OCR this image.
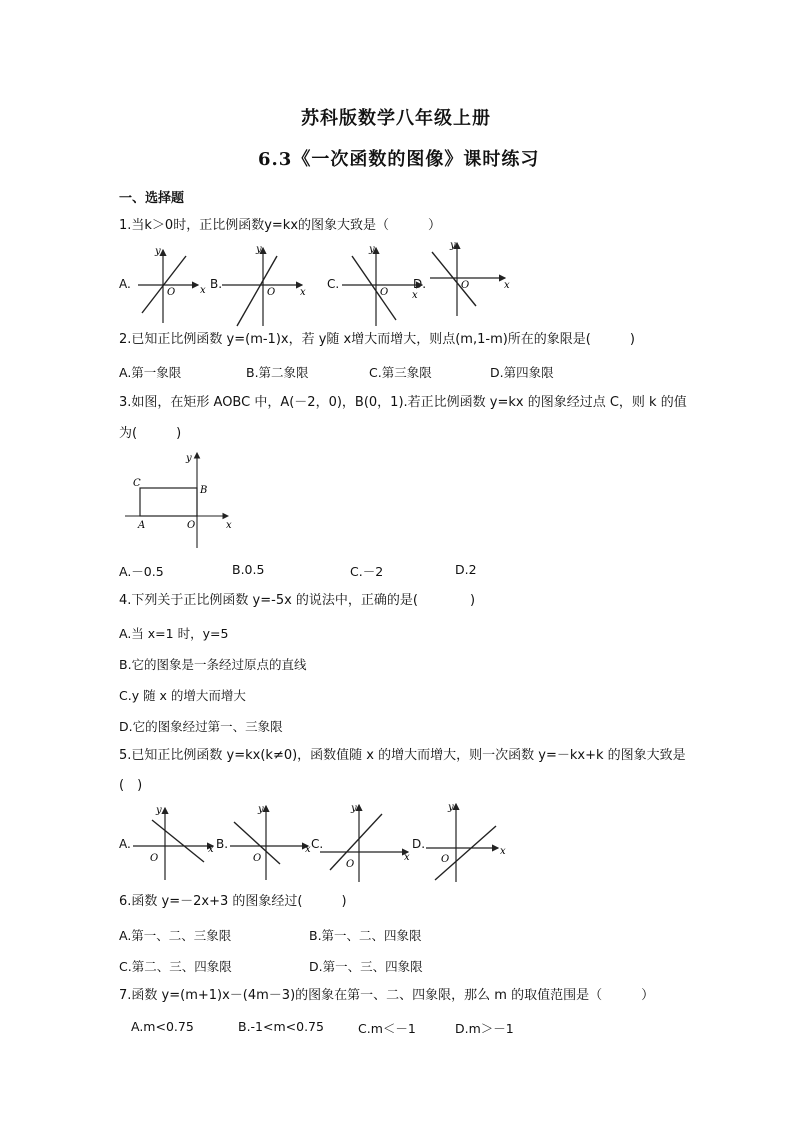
苏科版数学八年级上册
6.3《一次函数的图像》课时练习
一、选择题
1.当k＞0时，正比例函数y=kx的图象大致是（　　　）
A.	B.	C.	D.
y
x
O
y
x
O
y
x
O
y
x
O
2.已知正比例函数 y=(m-1)x，若 y随 x增大而增大，则点(m,1-m)所在的象限是(　　　)
A.第一象限	B.第二象限	C.第三象限	D.第四象限
3.如图，在矩形 AOBC 中，A(－2，0)，B(0，1).若正比例函数 y=kx 的图象经过点 C，则 k 的值
为(　　　)
C
B
A	O	x
y
A.－0.5	B.0.5	C.－2	D.2
4.下列关于正比例函数 y=-5x 的说法中，正确的是(　　　　)
A.当 x=1 时，y=5
B.它的图象是一条经过原点的直线
C.y 随 x 的增大而增大
D.它的图象经过第一、三象限
5.已知正比例函数 y=kx(k≠0)，函数值随 x 的增大而增大，则一次函数 y=－kx+k 的图象大致是
(　)
A.	B.	C.	D.
y
x
O
y
x
O
y
x
O
y
x
O
6.函数 y=－2x+3 的图象经过(　　　)
A.第一、二、三象限	B.第一、二、四象限
C.第二、三、四象限	D.第一、三、四象限
7.函数 y=(m+1)x－(4m－3)的图象在第一、二、四象限，那么 m 的取值范围是（　　　）
A.m<0.75	B.-1<m<0.75	C.m＜－1	D.m＞－1
